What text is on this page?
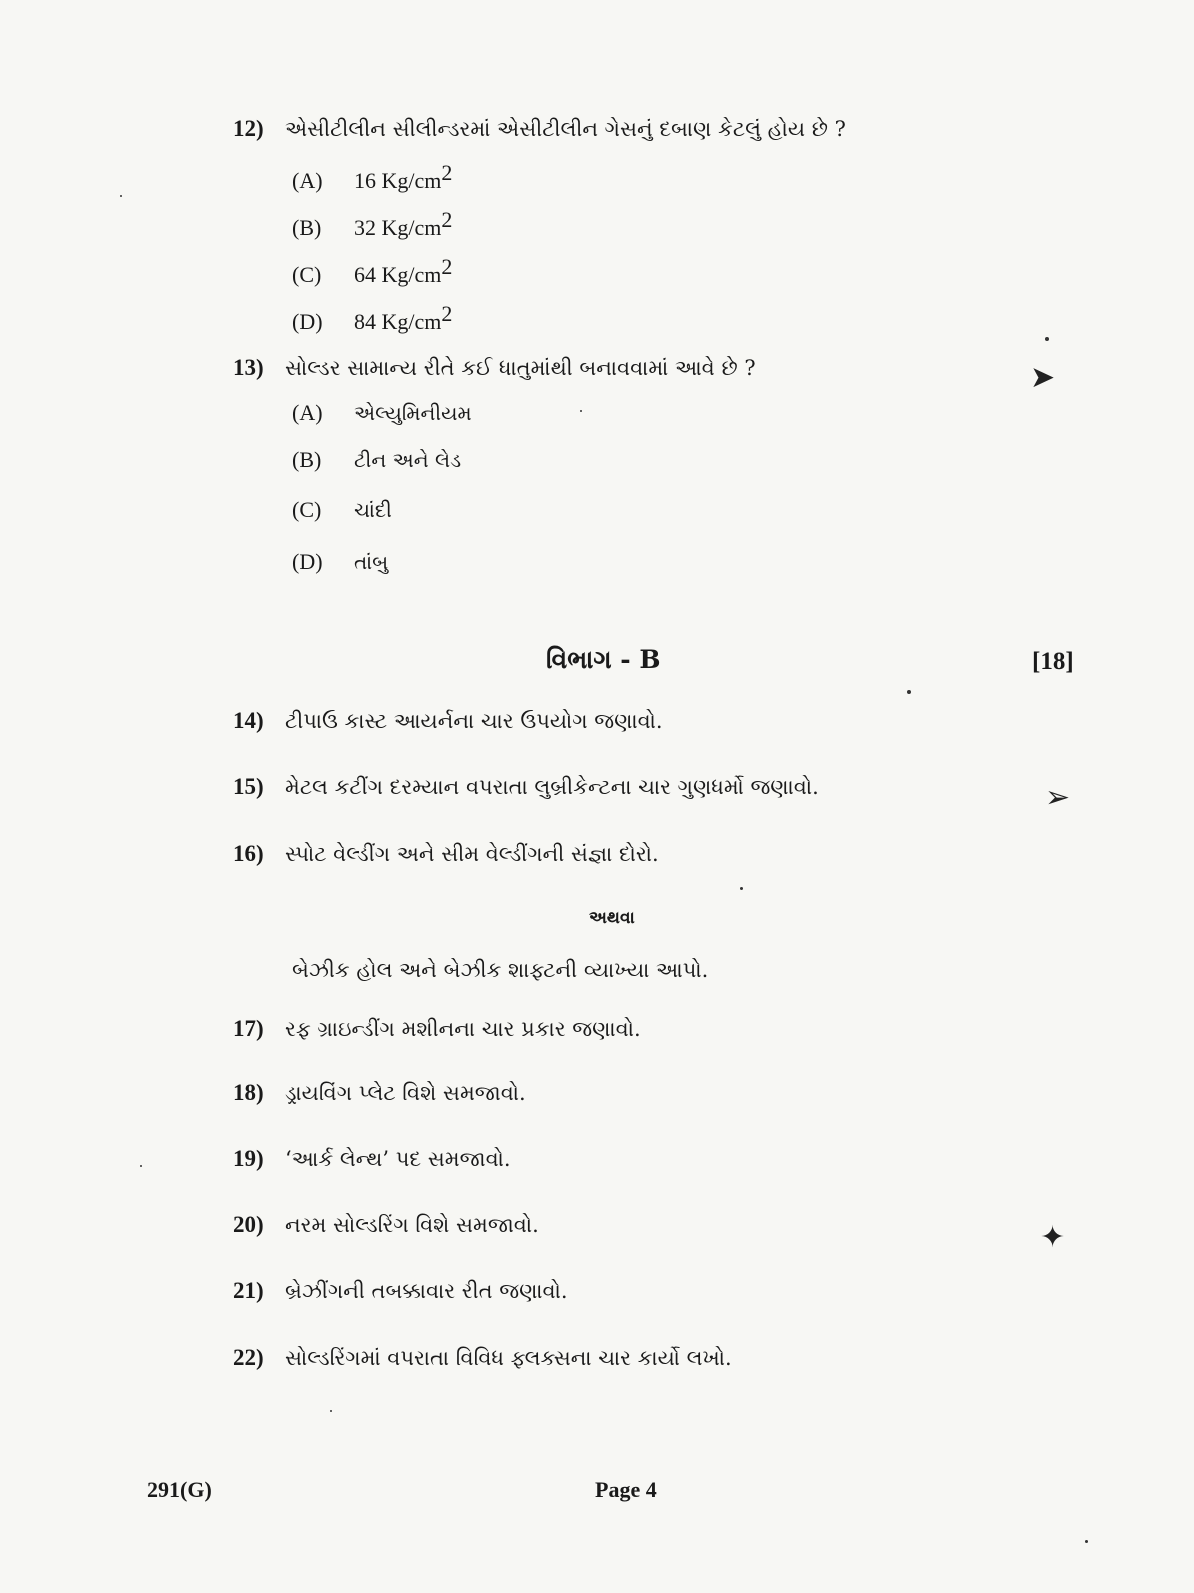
➤
➢
✦
12) એસીટીલીન સીલીન્ડરમાં એસીટીલીન ગેસનું દબાણ કેટલું હોય છે ?
(A) 16 $Kg/cm^2$
(B) 32 $Kg/cm^2$
(C) 64 $Kg/cm^2$
(D) 84 $Kg/cm^2$
13) સોલ્ડર સામાન્ય રીતે કઈ ધાતુમાંથી બનાવવામાં આવે છે ?
(A) એલ્યુમિનીયમ
(B) ટીન અને લેડ
(C) ચાંદી
(D) તાંબુ
વિભાગ - B	[18]
14) ટીપાઉ કાસ્ટ આયર્નના ચાર ઉપયોગ જણાવો.
15) મેટલ કટીંગ દરમ્યાન વપરાતા લુબ્રીકેન્ટના ચાર ગુણધર્મો જણાવો.
16) સ્પોટ વેલ્ડીંગ અને સીમ વેલ્ડીંગની સંજ્ઞા દોરો.
અથવા
બેઝીક હોલ અને બેઝીક શાફ્ટની વ્યાખ્યા આપો.
17) રફ ગ્રાઇન્ડીંગ મશીનના ચાર પ્રકાર જણાવો.
18) ડ્રાયવિંગ પ્લેટ વિશે સમજાવો.
19) ‘આર્ક લેન્થ’ પદ સમજાવો.
20) નરમ સોલ્ડરિંગ વિશે સમજાવો.
21) બ્રેઝીંગની તબક્કાવાર રીત જણાવો.
22) સોલ્ડરિંગમાં વપરાતા વિવિધ ફ્લક્સના ચાર કાર્યો લખો.
291(G)	Page 4
